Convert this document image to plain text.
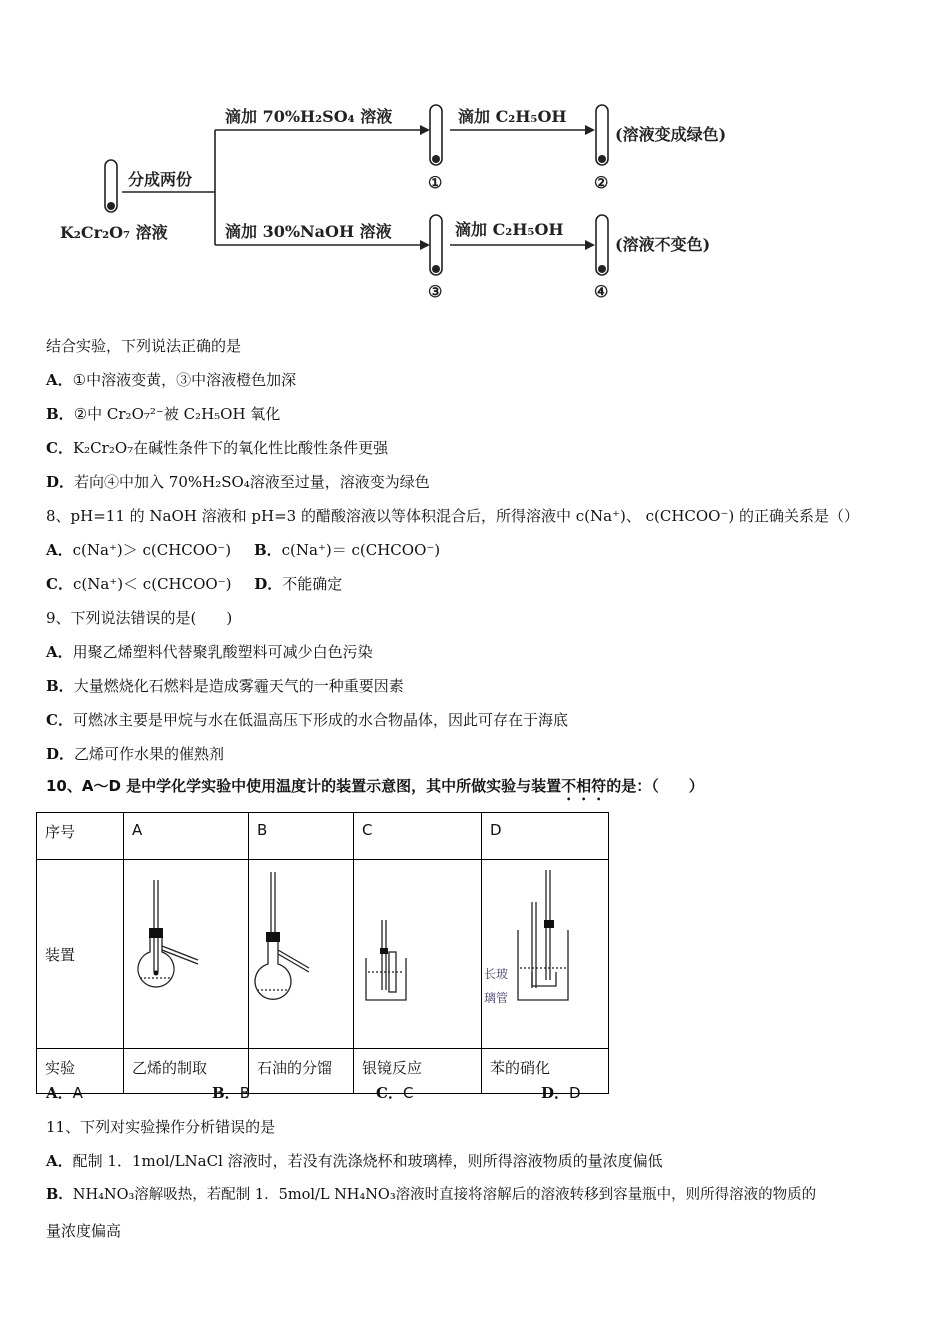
滴加 70%H₂SO₄ 溶液	滴加 C₂H₅OH
(溶液变成绿色)
分成两份
K₂Cr₂O₇ 溶液	滴加 30%NaOH 溶液	滴加 C₂H₅OH
(溶液不变色)
①	②
③	④
结合实验，下列说法正确的是
A．①中溶液变黄，③中溶液橙色加深
B．②中 Cr₂O₇²⁻被 C₂H₅OH 氧化
C．K₂Cr₂O₇在碱性条件下的氧化性比酸性条件更强
D．若向④中加入 70%H₂SO₄溶液至过量，溶液变为绿色
8、pH=11 的 NaOH 溶液和 pH=3 的醋酸溶液以等体积混合后，所得溶液中 c(Na⁺)、 c(CHCOO⁻) 的正确关系是（）
A．c(Na⁺)＞ c(CHCOO⁻) B．c(Na⁺)＝ c(CHCOO⁻)
C．c(Na⁺)＜ c(CHCOO⁻) D．不能确定
9、下列说法错误的是(　　)
A．用聚乙烯塑料代替聚乳酸塑料可减少白色污染
B．大量燃烧化石燃料是造成雾霾天气的一种重要因素
C．可燃冰主要是甲烷与水在低温高压下形成的水合物晶体，因此可存在于海底
D．乙烯可作水果的催熟剂
10、A～D 是中学化学实验中使用温度计的装置示意图，其中所做实验与装置不相符的是：（　　）
序号	A	B	C	D
装置				长玻
璃管

实验	乙烯的制取	石油的分馏	银镜反应	苯的硝化
A．A	B．B	C．C	D．D
11、下列对实验操作分析错误的是
A．配制 1．1mol/LNaCl 溶液时，若没有洗涤烧杯和玻璃棒，则所得溶液物质的量浓度偏低
B．NH₄NO₃溶解吸热，若配制 1．5mol/L NH₄NO₃溶液时直接将溶解后的溶液转移到容量瓶中，则所得溶液的物质的
量浓度偏高
